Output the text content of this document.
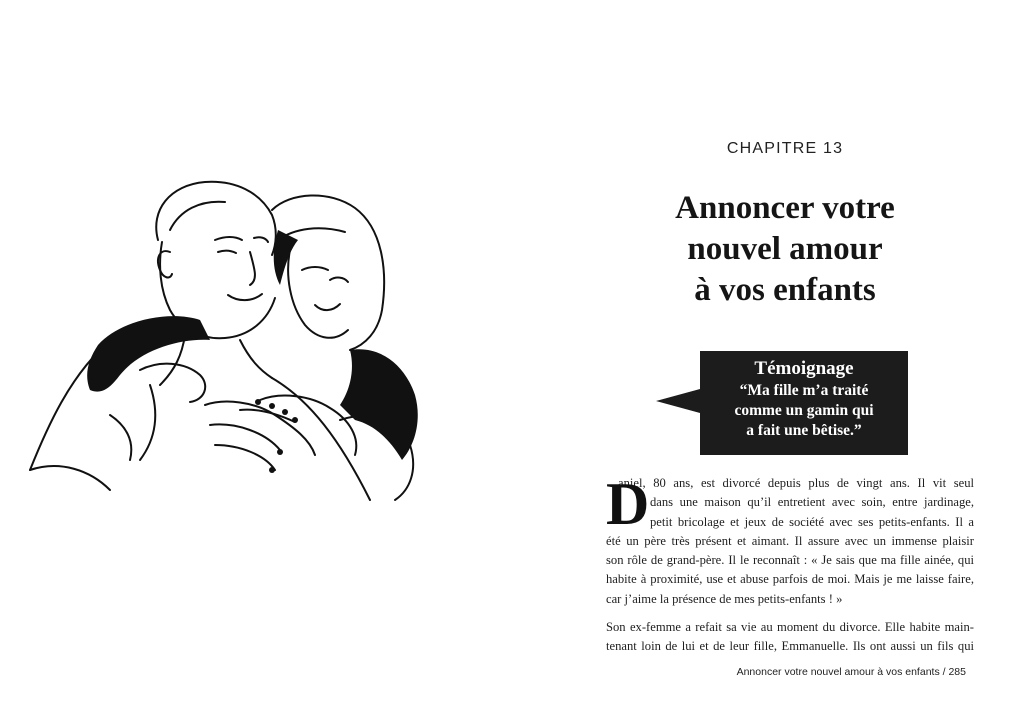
CHAPITRE 13
Annoncer votre
nouvel amour
à vos enfants
Témoignage
“Ma fille m’a traité
comme un gamin qui
a fait une bêtise.”
D

aniel, 80 ans, est divorcé depuis plus de vingt ans. Il vit seul
dans une maison qu’il entretient avec soin, entre jardinage,
petit bricolage et jeux de société avec ses petits-enfants. Il a
été un père très présent et aimant. Il assure avec un immense plaisir
son rôle de grand-père. Il le reconnaît : « Je sais que ma fille ainée, qui
habite à proximité, use et abuse parfois de moi. Mais je me laisse faire,
car j’aime la présence de mes petits-enfants ! »

Son ex-femme a refait sa vie au moment du divorce. Elle habite main-
tenant loin de lui et de leur fille, Emmanuelle. Ils ont aussi un fils qui

Annoncer votre nouvel amour à vos enfants / 285
